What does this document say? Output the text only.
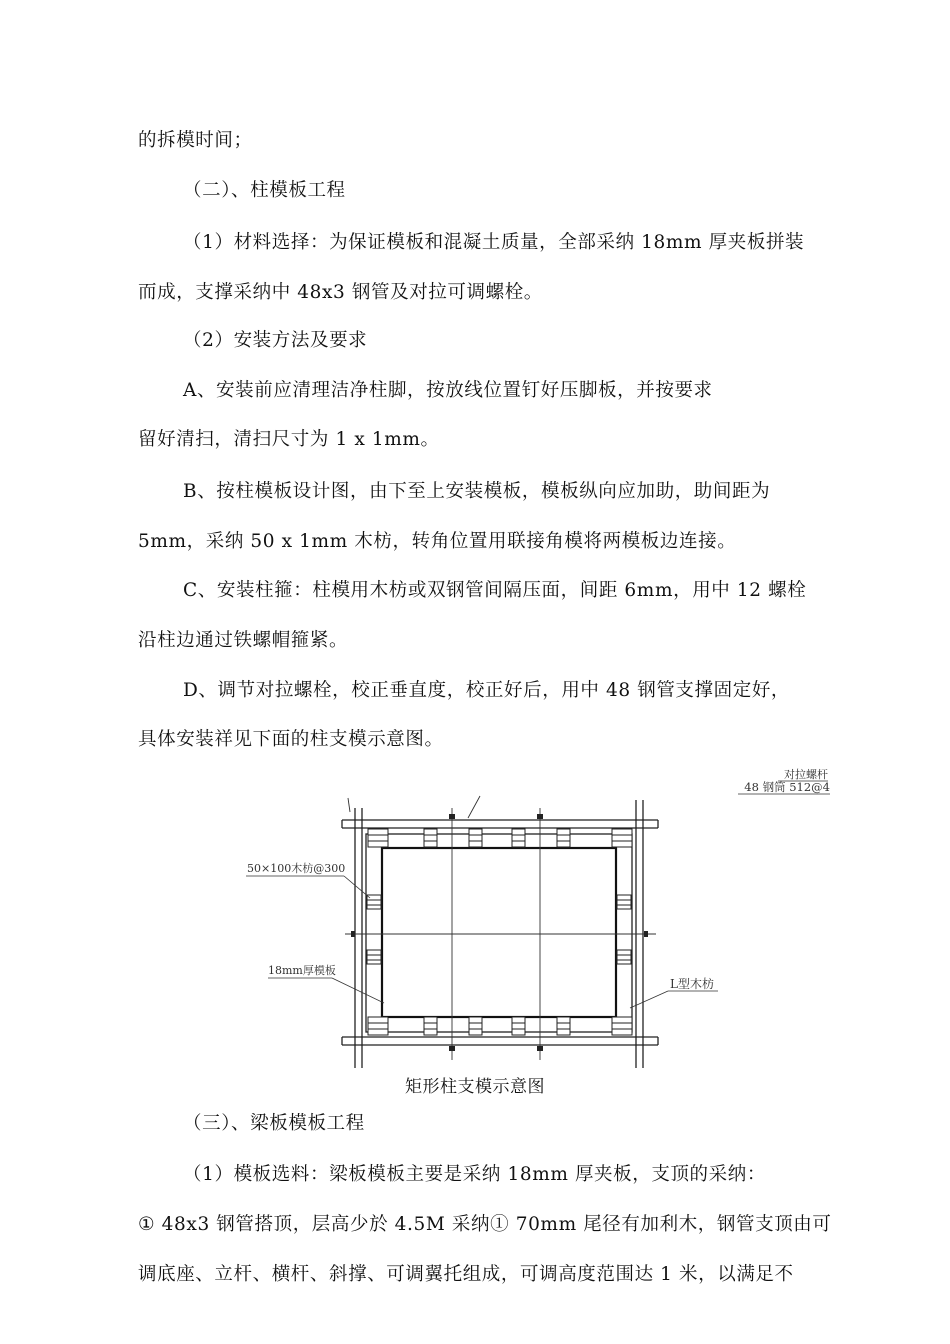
的拆模时间；
（二）、柱模板工程
（1）材料选择：为保证模板和混凝土质量，全部采纳 18mm 厚夹板拼装
而成，支撑采纳中 48x3 钢管及对拉可调螺栓。
（2）安装方法及要求
A、安装前应清理洁净柱脚，按放线位置钉好压脚板，并按要求
留好清扫，清扫尺寸为 1 x 1mm。
B、按柱模板设计图，由下至上安装模板，模板纵向应加助，助间距为
5mm，采纳 50 x 1mm 木枋，转角位置用联接角模将两模板边连接。
C、安装柱箍：柱模用木枋或双钢管间隔压面，间距 6mm，用中 12 螺栓
沿柱边通过铁螺帽箍紧。
D、调节对拉螺栓，校正垂直度，校正好后，用中 48 钢管支撑固定好，
具体安装祥见下面的柱支模示意图。
对拉螺杆
48 钢筒 512@4
50×100木枋@300
18mm厚模板
L型木枋
矩形柱支模示意图
（三）、梁板模板工程
（1）模板选料：梁板模板主要是采纳 18mm 厚夹板，支顶的采纳：
① 48x3 钢管搭顶，层高少於 4.5M 采纳① 70mm 尾径有加利木，钢管支顶由可
调底座、立杆、横杆、斜撑、可调翼托组成，可调高度范围达 1 米，以满足不
